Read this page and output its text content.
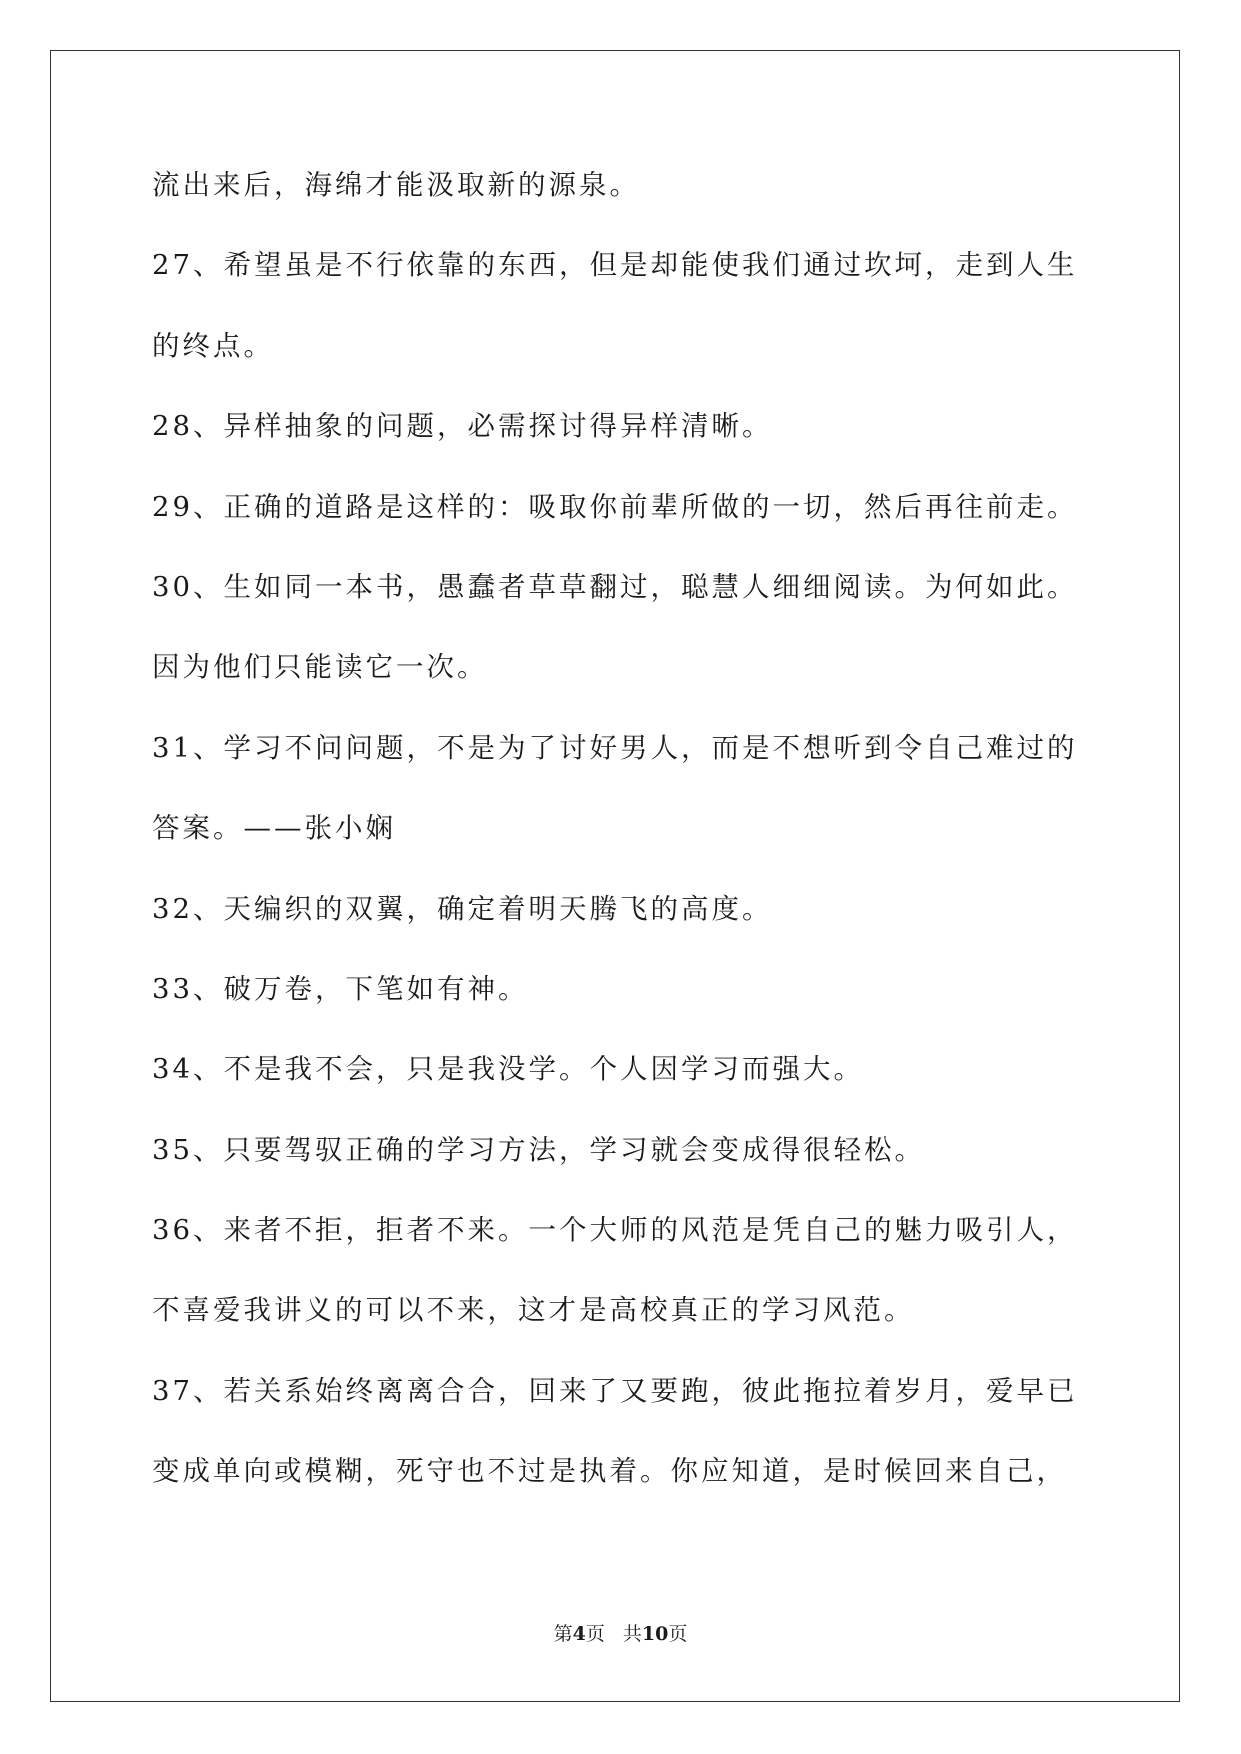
流出来后，海绵才能汲取新的源泉。
27、希望虽是不行依靠的东西，但是却能使我们通过坎坷，走到人生
的终点。
28、异样抽象的问题，必需探讨得异样清晰。
29、正确的道路是这样的：吸取你前辈所做的一切，然后再往前走。
30、生如同一本书，愚蠢者草草翻过，聪慧人细细阅读。为何如此。
因为他们只能读它一次。
31、学习不问问题，不是为了讨好男人，而是不想听到令自己难过的
答案。——张小娴
32、天编织的双翼，确定着明天腾飞的高度。
33、破万卷，下笔如有神。
34、不是我不会，只是我没学。个人因学习而强大。
35、只要驾驭正确的学习方法，学习就会变成得很轻松。
36、来者不拒，拒者不来。一个大师的风范是凭自己的魅力吸引人，
不喜爱我讲义的可以不来，这才是高校真正的学习风范。
37、若关系始终离离合合，回来了又要跑，彼此拖拉着岁月，爱早已
变成单向或模糊，死守也不过是执着。你应知道，是时候回来自己，
第4页 共10页
